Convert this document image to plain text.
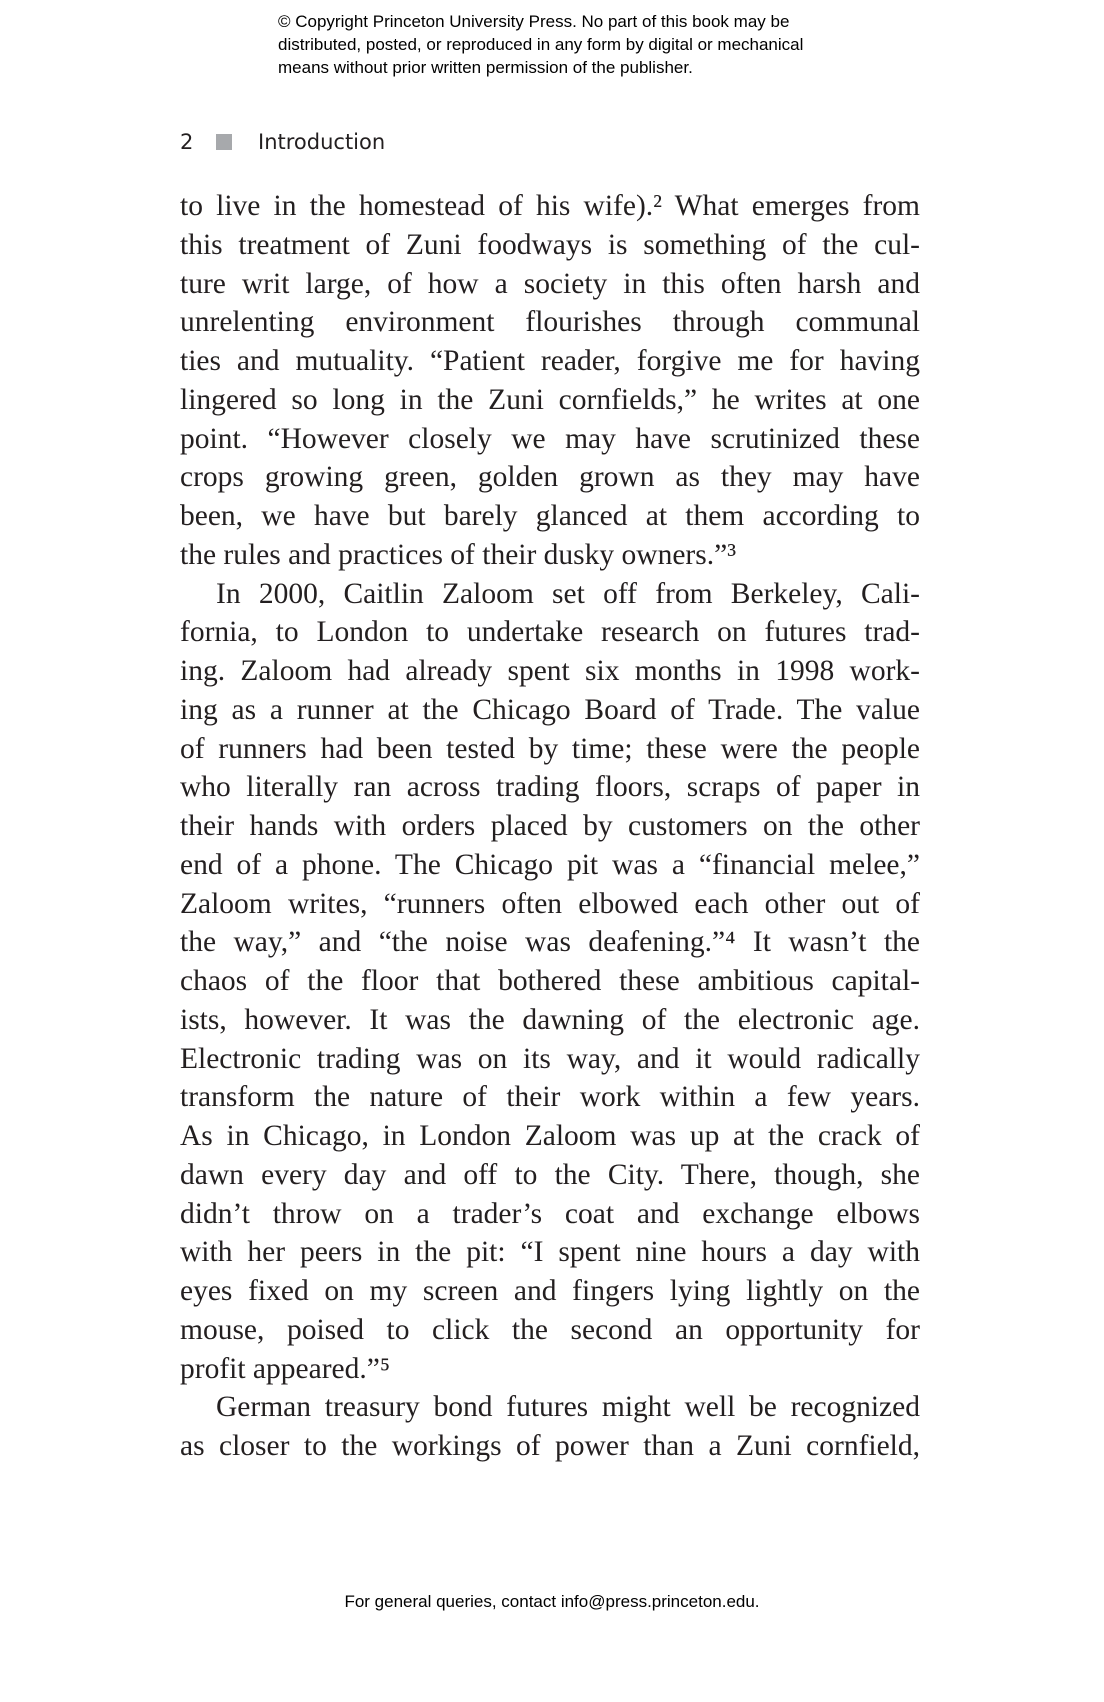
© Copyright Princeton University Press. No part of this book may be
distributed, posted, or reproduced in any form by digital or mechanical
means without prior written permission of the publisher.
2	Introduction
to live in the homestead of his wife).² What emerges from
this treatment of Zuni foodways is something of the cul-
ture writ large, of how a society in this often harsh and
unrelenting environment flourishes through communal
ties and mutuality. “Patient reader, forgive me for having
lingered so long in the Zuni cornfields,” he writes at one
point. “However closely we may have scrutinized these
crops growing green, golden grown as they may have
been, we have but barely glanced at them according to
the rules and practices of their dusky owners.”³
In 2000, Caitlin Zaloom set off from Berkeley, Cali-
fornia, to London to undertake research on futures trad-
ing. Zaloom had already spent six months in 1998 work-
ing as a runner at the Chicago Board of Trade. The value
of runners had been tested by time; these were the people
who literally ran across trading floors, scraps of paper in
their hands with orders placed by customers on the other
end of a phone. The Chicago pit was a “financial melee,”
Zaloom writes, “runners often elbowed each other out of
the way,” and “the noise was deafening.”⁴ It wasn’t the
chaos of the floor that bothered these ambitious capital-
ists, however. It was the dawning of the electronic age.
Electronic trading was on its way, and it would radically
transform the nature of their work within a few years.
As in Chicago, in London Zaloom was up at the crack of
dawn every day and off to the City. There, though, she
didn’t throw on a trader’s coat and exchange elbows
with her peers in the pit: “I spent nine hours a day with
eyes fixed on my screen and fingers lying lightly on the
mouse, poised to click the second an opportunity for
profit appeared.”⁵
German treasury bond futures might well be recognized
as closer to the workings of power than a Zuni cornfield,
For general queries, contact info@press.princeton.edu.
